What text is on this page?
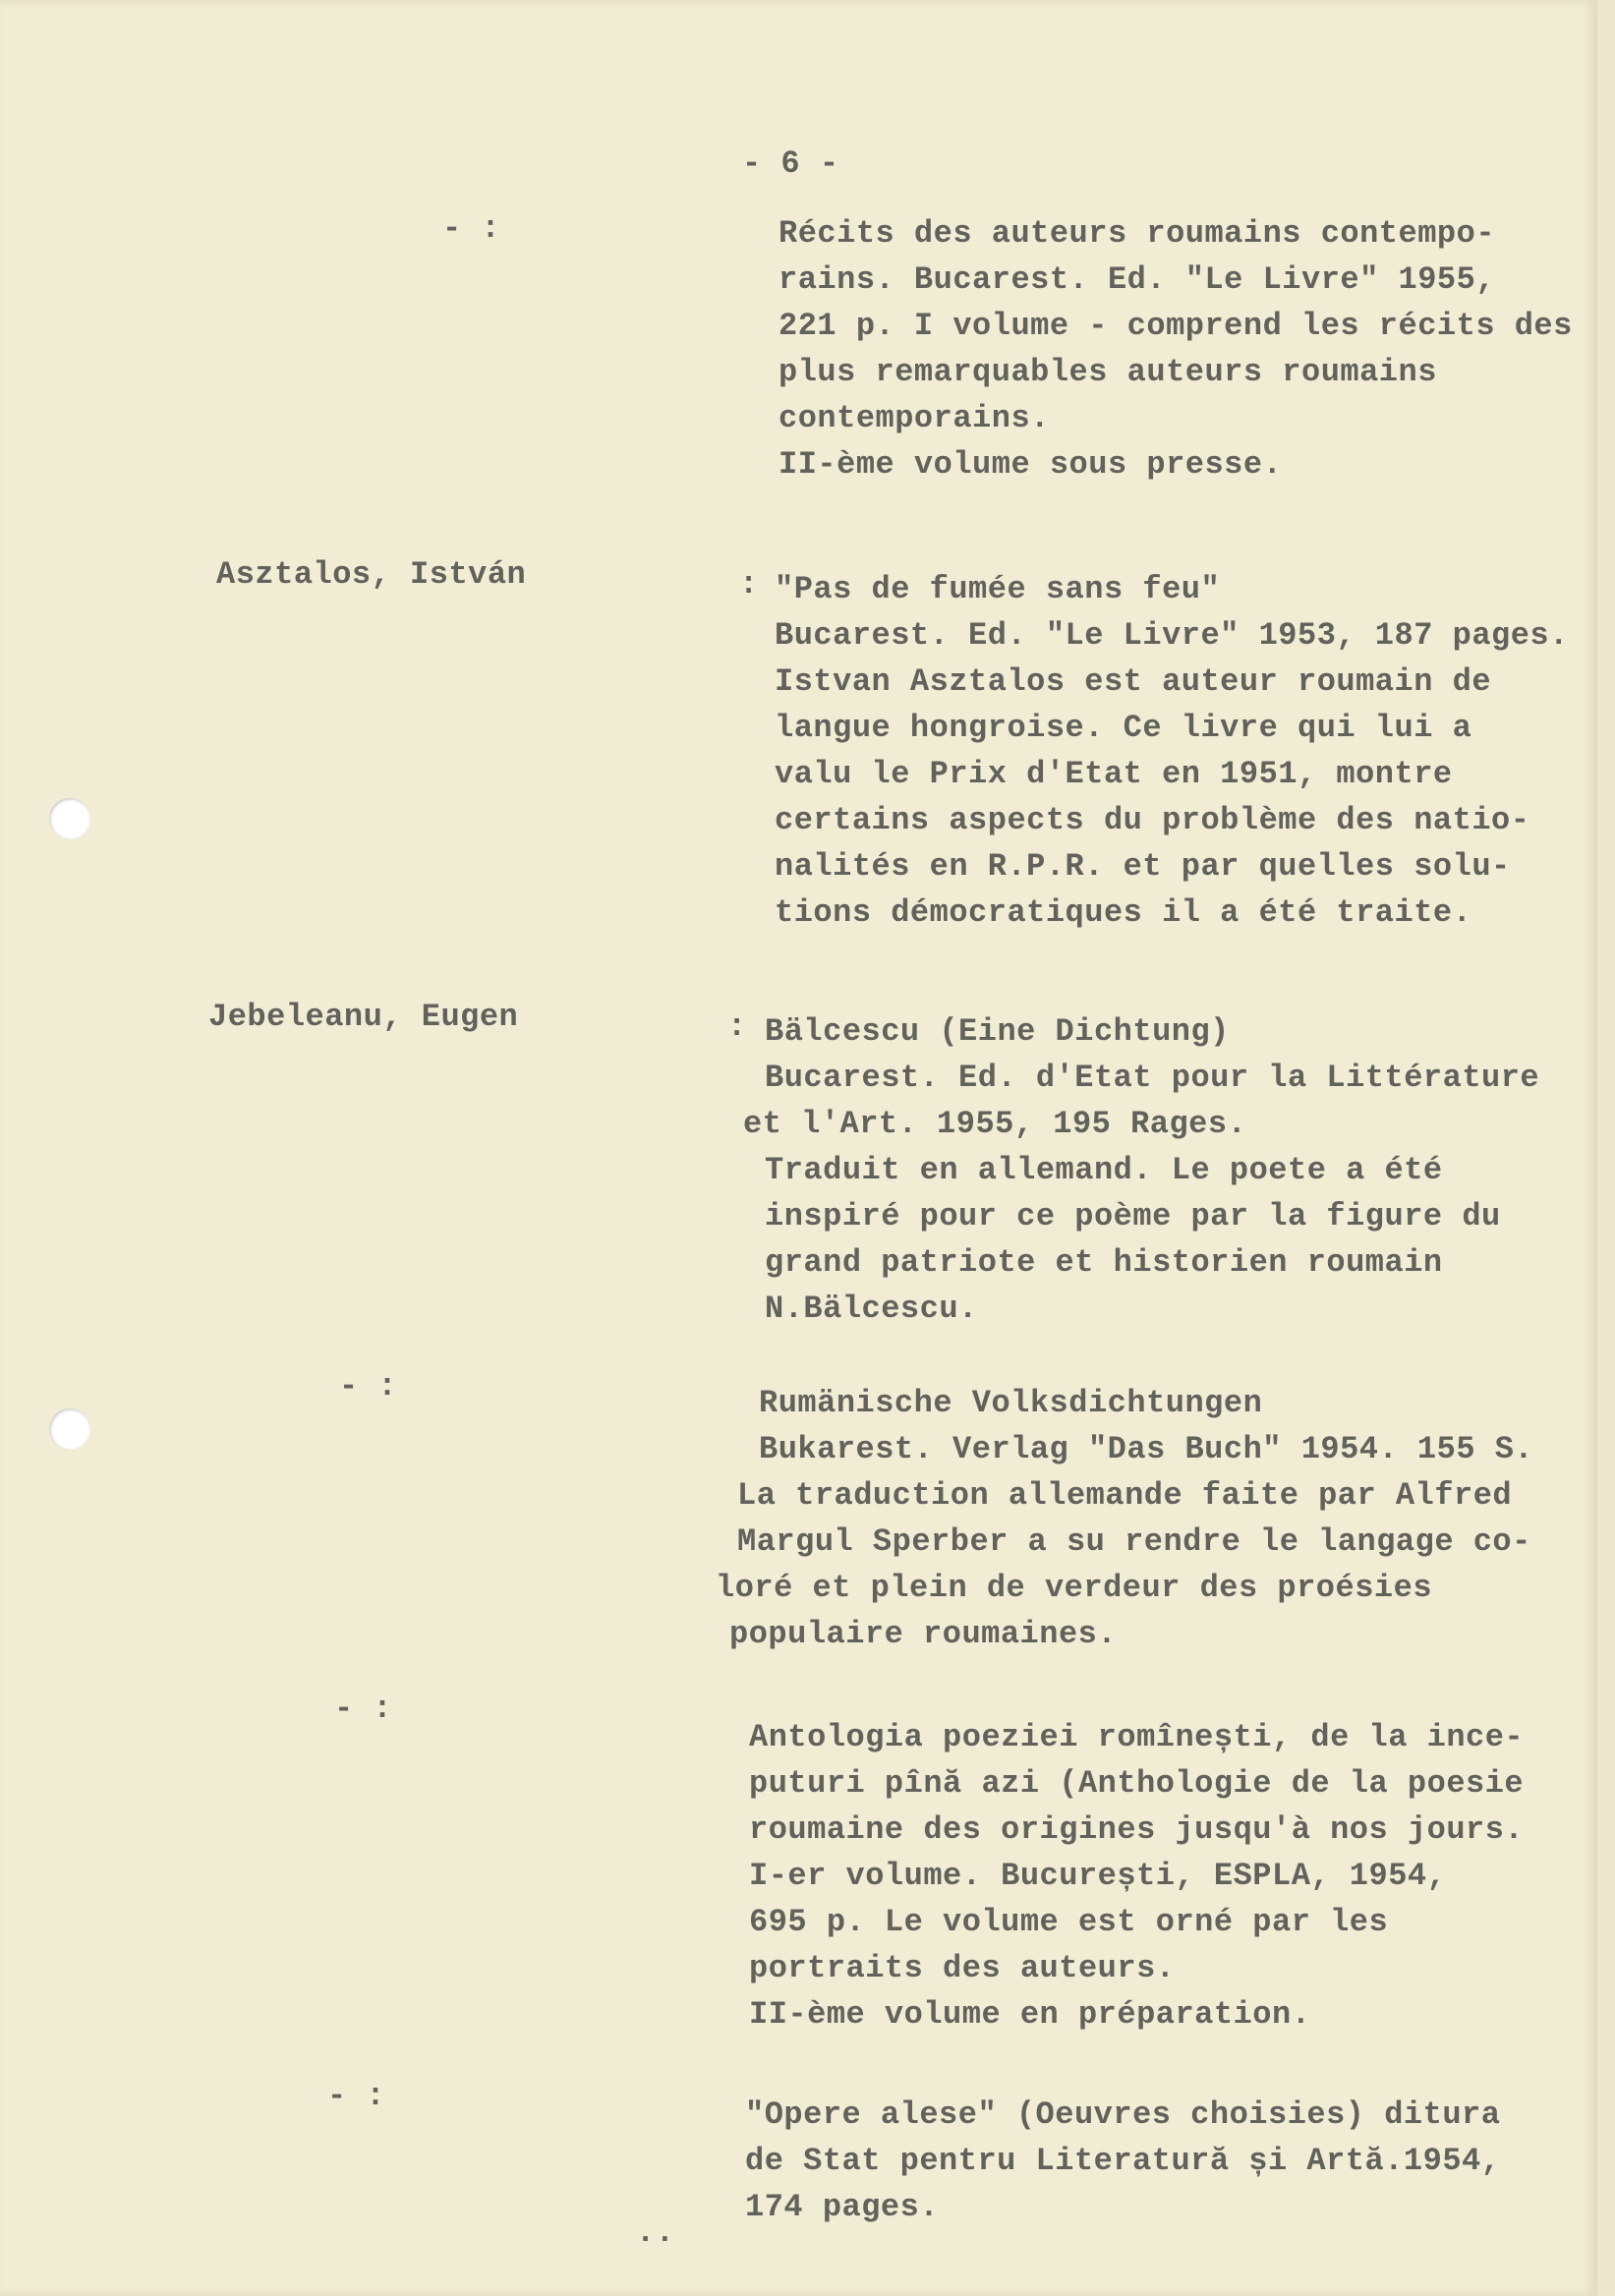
- 6 -
- :	Récits des auteurs roumains contempo-
rains. Bucarest. Ed. "Le Livre" 1955,
221 p. I volume - comprend les récits des
plus remarquables auteurs roumains
contemporains.
II-ème volume sous presse.
Asztalos, István	: "Pas de fumée sans feu"
Bucarest. Ed. "Le Livre" 1953, 187 pages.
Istvan Asztalos est auteur roumain de
langue hongroise. Ce livre qui lui a
valu le Prix d'Etat en 1951, montre
certains aspects du problème des natio-
nalités en R.P.R. et par quelles solu-
tions démocratiques il a été traite.
Jebeleanu, Eugen	: Bälcescu (Eine Dichtung)
Bucarest. Ed. d'Etat pour la Littérature
et l'Art. 1955, 195 Rages.
Traduit en allemand. Le poete a été
inspiré pour ce poème par la figure du
grand patriote et historien roumain
N.Bälcescu.
- :	Rumänische Volksdichtungen
Bukarest. Verlag "Das Buch" 1954. 155 S.
La traduction allemande faite par Alfred
Margul Sperber a su rendre le langage co-
loré et plein de verdeur des proésies
populaire roumaines.
- :
Antologia poeziei romînești, de la ince-
puturi pînă azi (Anthologie de la poesie
roumaine des origines jusqu'à nos jours.
I-er volume. București, ESPLA, 1954,
695 p. Le volume est orné par les
portraits des auteurs.
II-ème volume en préparation.
- :
"Opere alese" (Oeuvres choisies) ditura
de Stat pentru Literatură și Artă.1954,
174 pages.
..
